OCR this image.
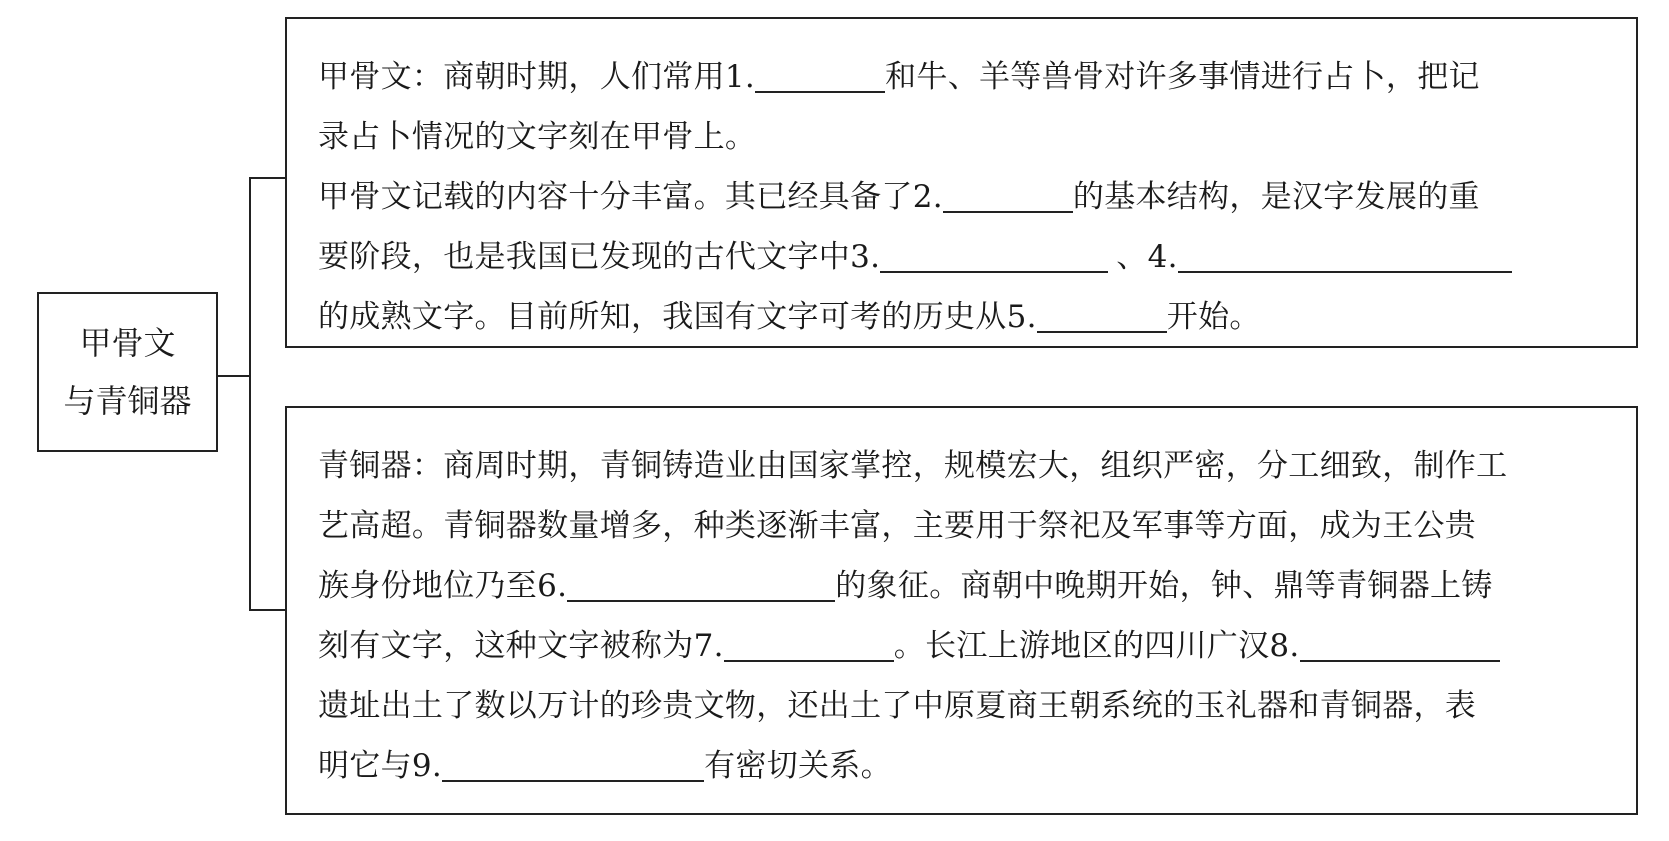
甲骨文
与青铜器
甲骨文：商朝时期，人们常用1.	和牛、羊等兽骨对许多事情进行占卜，把记
录占卜情况的文字刻在甲骨上。
甲骨文记载的内容十分丰富。其已经具备了2.	的基本结构，是汉字发展的重
要阶段，也是我国已发现的古代文字中3.	、4.
的成熟文字。目前所知，我国有文字可考的历史从5.	开始。
青铜器：商周时期，青铜铸造业由国家掌控，规模宏大，组织严密，分工细致，制作工
艺高超。青铜器数量增多，种类逐渐丰富，主要用于祭祀及军事等方面，成为王公贵
族身份地位乃至6.	的象征。商朝中晚期开始，钟、鼎等青铜器上铸
刻有文字，这种文字被称为7.	。长江上游地区的四川广汉8.
遗址出土了数以万计的珍贵文物，还出土了中原夏商王朝系统的玉礼器和青铜器，表
明它与9.	有密切关系。
